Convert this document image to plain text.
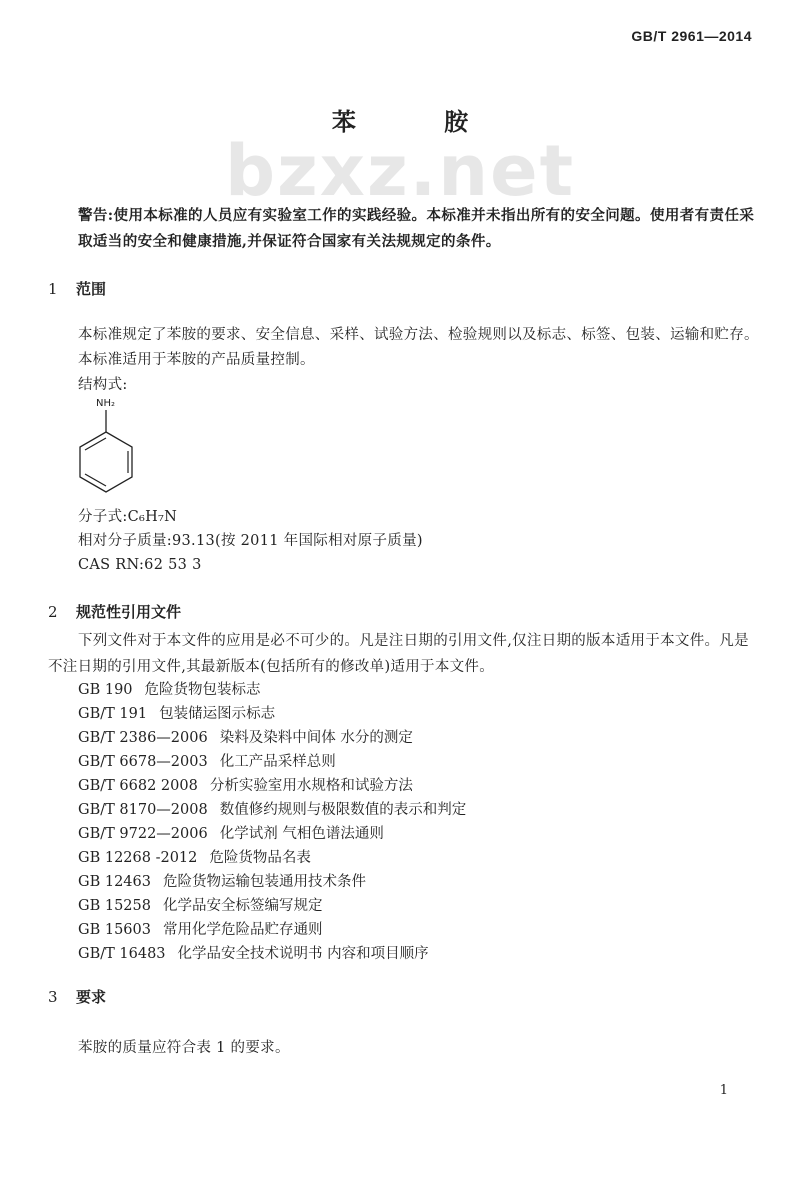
GB/T 2961—2014
bzxz.net
苯 胺
警告:使用本标准的人员应有实验室工作的实践经验。本标准并未指出所有的安全问题。使用者有责任采取适当的安全和健康措施,并保证符合国家有关法规规定的条件。
1 范围
本标准规定了苯胺的要求、安全信息、采样、试验方法、检验规则以及标志、标签、包装、运输和贮存。
本标准适用于苯胺的产品质量控制。
结构式:
NH₂
分子式:C₆H₇N
相对分子质量:93.13(按 2011 年国际相对原子质量)
CAS RN:62 53 3
2 规范性引用文件
下列文件对于本文件的应用是必不可少的。凡是注日期的引用文件,仅注日期的版本适用于本文件。凡是不注日期的引用文件,其最新版本(包括所有的修改单)适用于本文件。
GB 190 危险货物包装标志
GB/T 191 包装储运图示标志
GB/T 2386—2006 染料及染料中间体 水分的测定
GB/T 6678—2003 化工产品采样总则
GB/T 6682 2008 分析实验室用水规格和试验方法
GB/T 8170—2008 数值修约规则与极限数值的表示和判定
GB/T 9722—2006 化学试剂 气相色谱法通则
GB 12268 -2012 危险货物品名表
GB 12463 危险货物运输包装通用技术条件
GB 15258 化学品安全标签编写规定
GB 15603 常用化学危险品贮存通则
GB/T 16483 化学品安全技术说明书 内容和项目顺序
3 要求
苯胺的质量应符合表 1 的要求。
1
